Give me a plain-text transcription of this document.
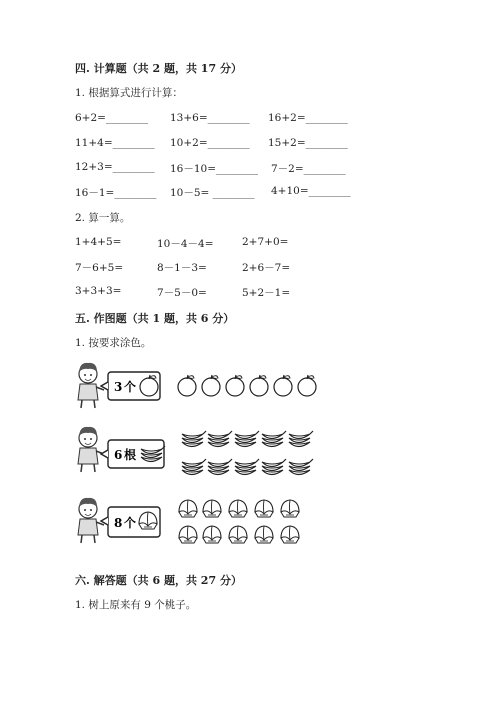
四. 计算题（共 2 题，共 17 分）
1. 根据算式进行计算：
6+2=________ 13+6=________ 16+2=________
11+4=________ 10+2=________ 15+2=________
12+3=________ 16－10=________ 7－2=________
16－1=________ 10－5= ________ 4+10=________
2. 算一算。
1+4+5=	10－4－4=	2+7+0=
7－6+5=	8－1－3=	2+6－7=
3+3+3=	7－5－0=	5+2－1=
五. 作图题（共 1 题，共 6 分）
1. 按要求涂色。
3 个
6 根
8 个
六. 解答题（共 6 题，共 27 分）
1. 树上原来有 9 个桃子。
